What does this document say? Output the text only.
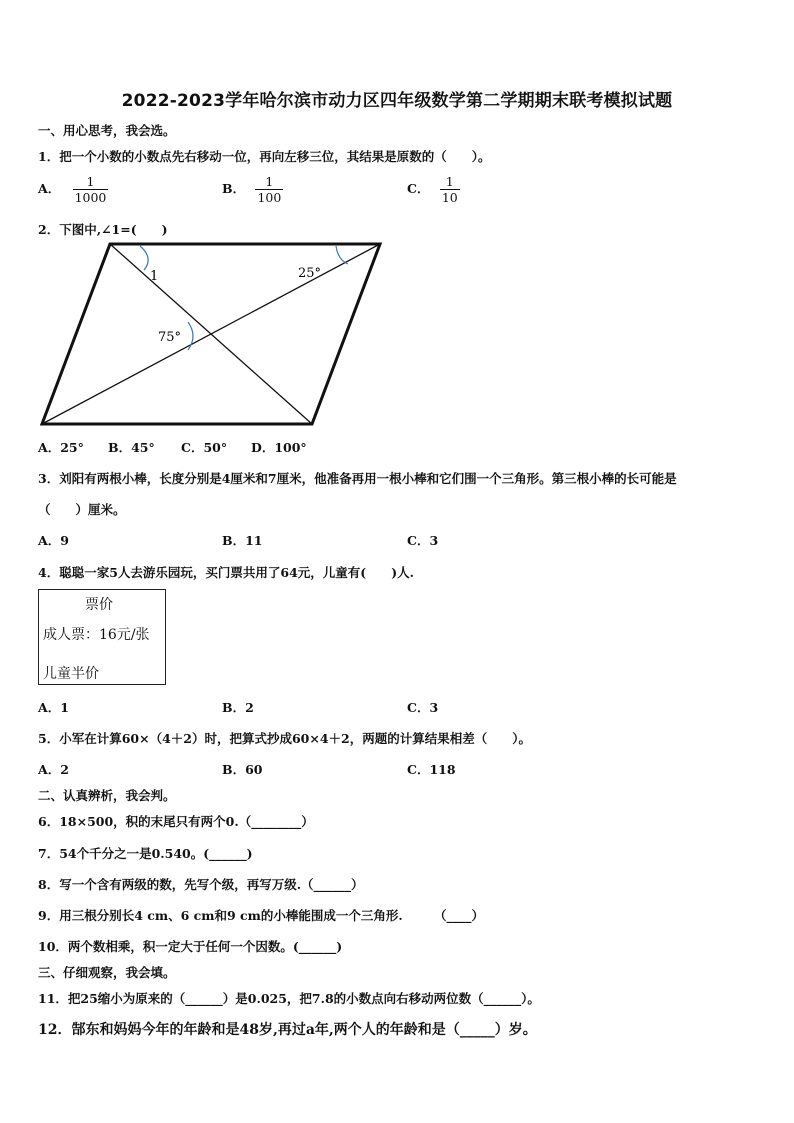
2022-2023学年哈尔滨市动力区四年级数学第二学期期末联考模拟试题
一、用心思考，我会选。
1．把一个小数的小数点先右移动一位，再向左移三位，其结果是原数的（　　）。
A． $\frac{1}{1000}$	B． $\frac{1}{100}$	C． $\frac{1}{10}$
2．下图中,∠1=(　　)
1	25°
75°
A．25° B．45° C．50° D．100°
3．刘阳有两根小棒，长度分别是4厘米和7厘米，他准备再用一根小棒和它们围一个三角形。第三根小棒的长可能是
（　　）厘米。
A．9	B．11	C．3
4．聪聪一家5人去游乐园玩，买门票共用了64元，儿童有(　　)人.
票价
成人票：16元/张
儿童半价
A．1	B．2	C．3
5．小军在计算60×（4＋2）时，把算式抄成60×4＋2，两题的计算结果相差（　　）。
A．2	B．60	C．118
二、认真辨析，我会判。
6．18×500，积的末尾只有两个0.（________）
7．54个千分之一是0.540。(______)
8．写一个含有两级的数，先写个级，再写万级.（______）
9．用三根分别长4 cm、6 cm和9 cm的小棒能围成一个三角形.　　　（____）
10．两个数相乘，积一定大于任何一个因数。(______)
三、仔细观察，我会填。
11．把25缩小为原来的（______）是0.025，把7.8的小数点向右移动两位数（______）。
12．郜东和妈妈今年的年龄和是48岁,再过a年,两个人的年龄和是（_____）岁。
